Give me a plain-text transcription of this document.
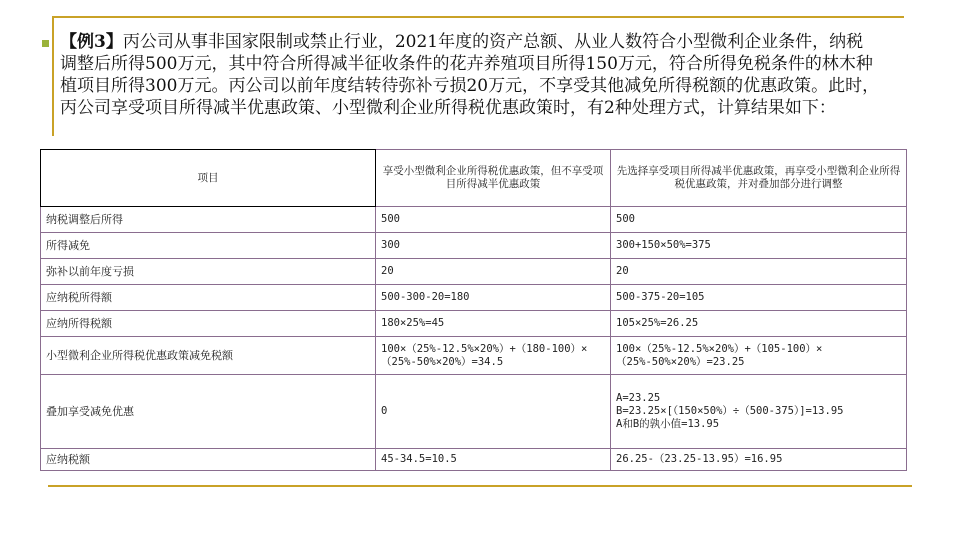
【例3】丙公司从事非国家限制或禁止行业，2021年度的资产总额、从业人数符合小型微利企业条件，纳税调整后所得500万元，其中符合所得减半征收条件的花卉养殖项目所得150万元，符合所得免税条件的林木种植项目所得300万元。丙公司以前年度结转待弥补亏损20万元，不享受其他减免所得税额的优惠政策。此时，丙公司享受项目所得减半优惠政策、小型微利企业所得税优惠政策时，有2种处理方式，计算结果如下：
项目	享受小型微利企业所得税优惠政策，但不享受项目所得减半优惠政策	先选择享受项目所得减半优惠政策，再享受小型微利企业所得税优惠政策，并对叠加部分进行调整
纳税调整后所得	500	500
所得减免	300	300+150×50%=375
弥补以前年度亏损	20	20
应纳税所得额	500-300-20=180	500-375-20=105
应纳所得税额	180×25%=45	105×25%=26.25
小型微利企业所得税优惠政策减免税额	100×（25%-12.5%×20%）+（180-100）×（25%-50%×20%）=34.5	100×（25%-12.5%×20%）+（105-100）×（25%-50%×20%）=23.25
叠加享受减免优惠	0	A=23.25
B=23.25×[（150×50%）÷（500-375）]=13.95
A和B的孰小值=13.95
应纳税额	45-34.5=10.5	26.25-（23.25-13.95）=16.95
